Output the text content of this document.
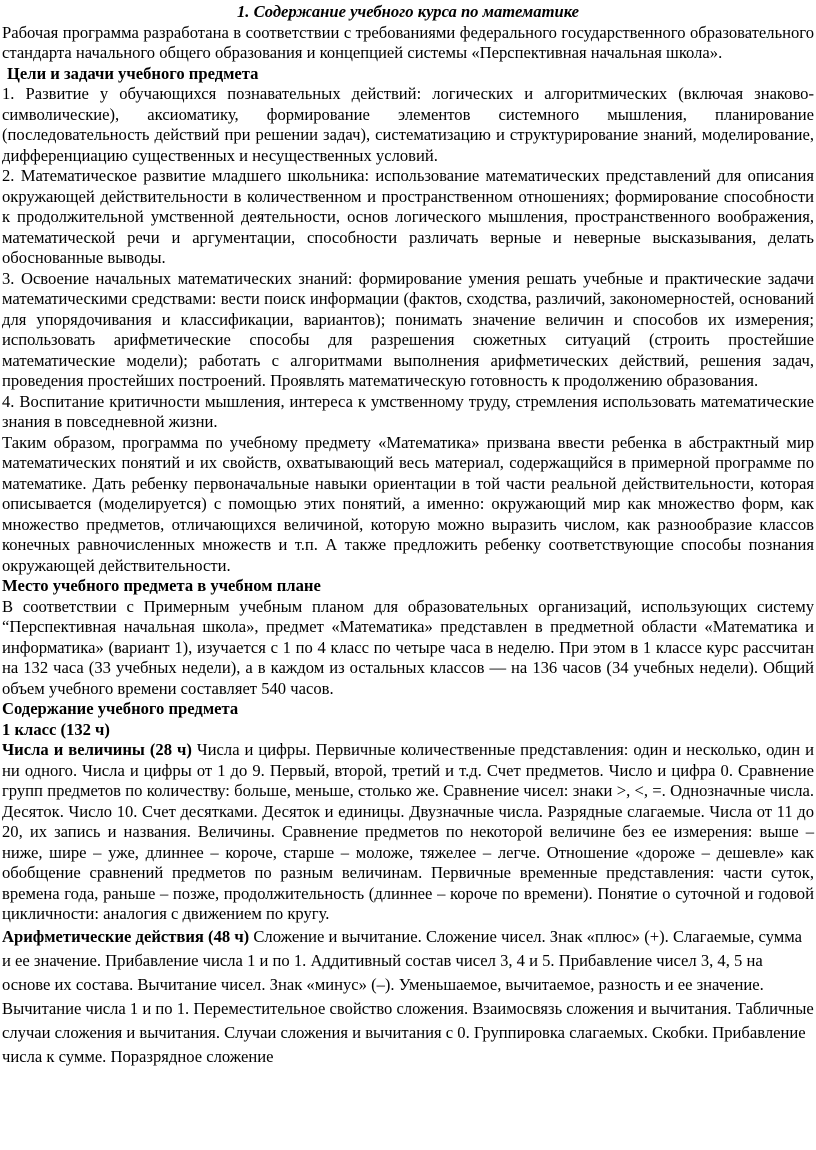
1. Содержание учебного курса по математике

Рабочая программа разработана в соответствии с требованиями федерального государственного образовательного стандарта начального общего образования и концепцией системы «Перспективная начальная школа».

Цели и задачи учебного предмета

1. Развитие у обучающихся познавательных действий: логических и алгоритмических (включая знаково-символические), аксиоматику, формирование элементов системного мышления, планирование (последовательность действий при решении задач), систематизацию и структурирование знаний, моделирование, дифференциацию существенных и несущественных условий.

2. Математическое развитие младшего школьника: использование математических представлений для описания окружающей действительности в количественном и пространственном отношениях; формирование способности к продолжительной умственной деятельности, основ логического мышления, пространственного воображения, математической речи и аргументации, способности различать верные и неверные высказывания, делать обоснованные выводы.

3. Освоение начальных математических знаний: формирование умения решать учебные и практические задачи математическими средствами: вести поиск информации (фактов, сходства, различий, закономерностей, оснований для упорядочивания и классификации, вариантов); понимать значение величин и способов их измерения; использовать арифметические способы для разрешения сюжетных ситуаций (строить простейшие математические модели); работать с алгоритмами выполнения арифметических действий, решения задач, проведения простейших построений. Проявлять математическую готовность к продолжению образования.

4. Воспитание критичности мышления, интереса к умственному труду, стремления использовать математические знания в повседневной жизни.

Таким образом, программа по учебному предмету «Математика» призвана ввести ребенка в абстрактный мир математических понятий и их свойств, охватывающий весь материал, содержащийся в примерной программе по математике. Дать ребенку первоначальные навыки ориентации в той части реальной действительности, которая описывается (моделируется) с помощью этих понятий, а именно: окружающий мир как множество форм, как множество предметов, отличающихся величиной, которую можно выразить числом, как разнообразие классов конечных равночисленных множеств и т.п. А также предложить ребенку соответствующие способы познания окружающей действительности.

Место учебного предмета в учебном плане

В соответствии с Примерным учебным планом для образовательных организаций, использующих систему “Перспективная начальная школа», предмет «Математика» представлен в предметной области «Математика и информатика» (вариант 1), изучается с 1 по 4 класс по четыре часа в неделю. При этом в 1 классе курс рассчитан на 132 часа (33 учебных недели), а в каждом из остальных классов — на 136 часов (34 учебных недели). Общий объем учебного времени составляет 540 часов.

Содержание учебного предмета
1 класс (132 ч)

Числа и величины (28 ч) Числа и цифры. Первичные количественные представления: один и несколько, один и ни одного. Числа и цифры от 1 до 9. Первый, второй, третий и т.д. Счет предметов. Число и цифра 0. Сравнение групп предметов по количеству: больше, меньше, столько же. Сравнение чисел: знаки >, <, =. Однозначные числа. Десяток. Число 10. Счет десятками. Десяток и единицы. Двузначные числа. Разрядные слагаемые. Числа от 11 до 20, их запись и названия. Величины. Сравнение предметов по некоторой величине без ее измерения: выше – ниже, шире – уже, длиннее – короче, старше – моложе, тяжелее – легче. Отношение «дороже – дешевле» как обобщение сравнений предметов по разным величинам. Первичные временные представления: части суток, времена года, раньше – позже, продолжительность (длиннее – короче по времени). Понятие о суточной и годовой цикличности: аналогия с движением по кругу.

Арифметические действия (48 ч) Сложение и вычитание. Сложение чисел. Знак «плюс» (+). Слагаемые, сумма и ее значение. Прибавление числа 1 и по 1. Аддитивный состав чисел 3, 4 и 5. Прибавление чисел 3, 4, 5 на основе их состава. Вычитание чисел. Знак «минус» (–). Уменьшаемое, вычитаемое, разность и ее значение. Вычитание числа 1 и по 1. Переместительное свойство сложения. Взаимосвязь сложения и вычитания. Табличные случаи сложения и вычитания. Случаи сложения и вычитания с 0. Группировка слагаемых. Скобки. Прибавление числа к сумме. Поразрядное сложение
